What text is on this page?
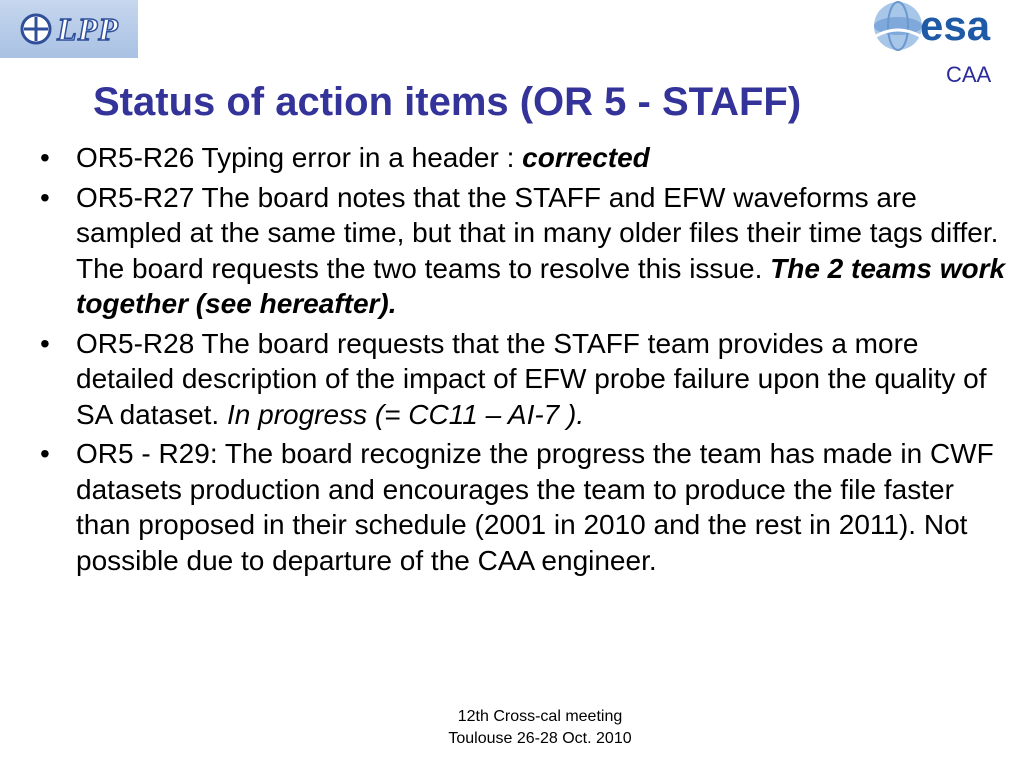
LPP	esa
CAA
Status of action items (OR 5 - STAFF)
• OR5-R26 Typing error in a header : corrected
• OR5-R27 The board notes that the STAFF and EFW waveforms are sampled at the same time, but that in many older files their time tags differ. The board requests the two teams to resolve this issue. The 2 teams work together (see hereafter).
• OR5-R28 The board requests that the STAFF team provides a more detailed description of the impact of EFW probe failure upon the quality of SA dataset. In progress (= CC11 – AI-7 ).
• OR5 - R29: The board recognize the progress the team has made in CWF datasets production and encourages the team to produce the file faster than proposed in their schedule (2001 in 2010 and the rest in 2011). Not possible due to departure of the CAA engineer.
12th Cross-cal meeting
Toulouse 26-28 Oct. 2010
